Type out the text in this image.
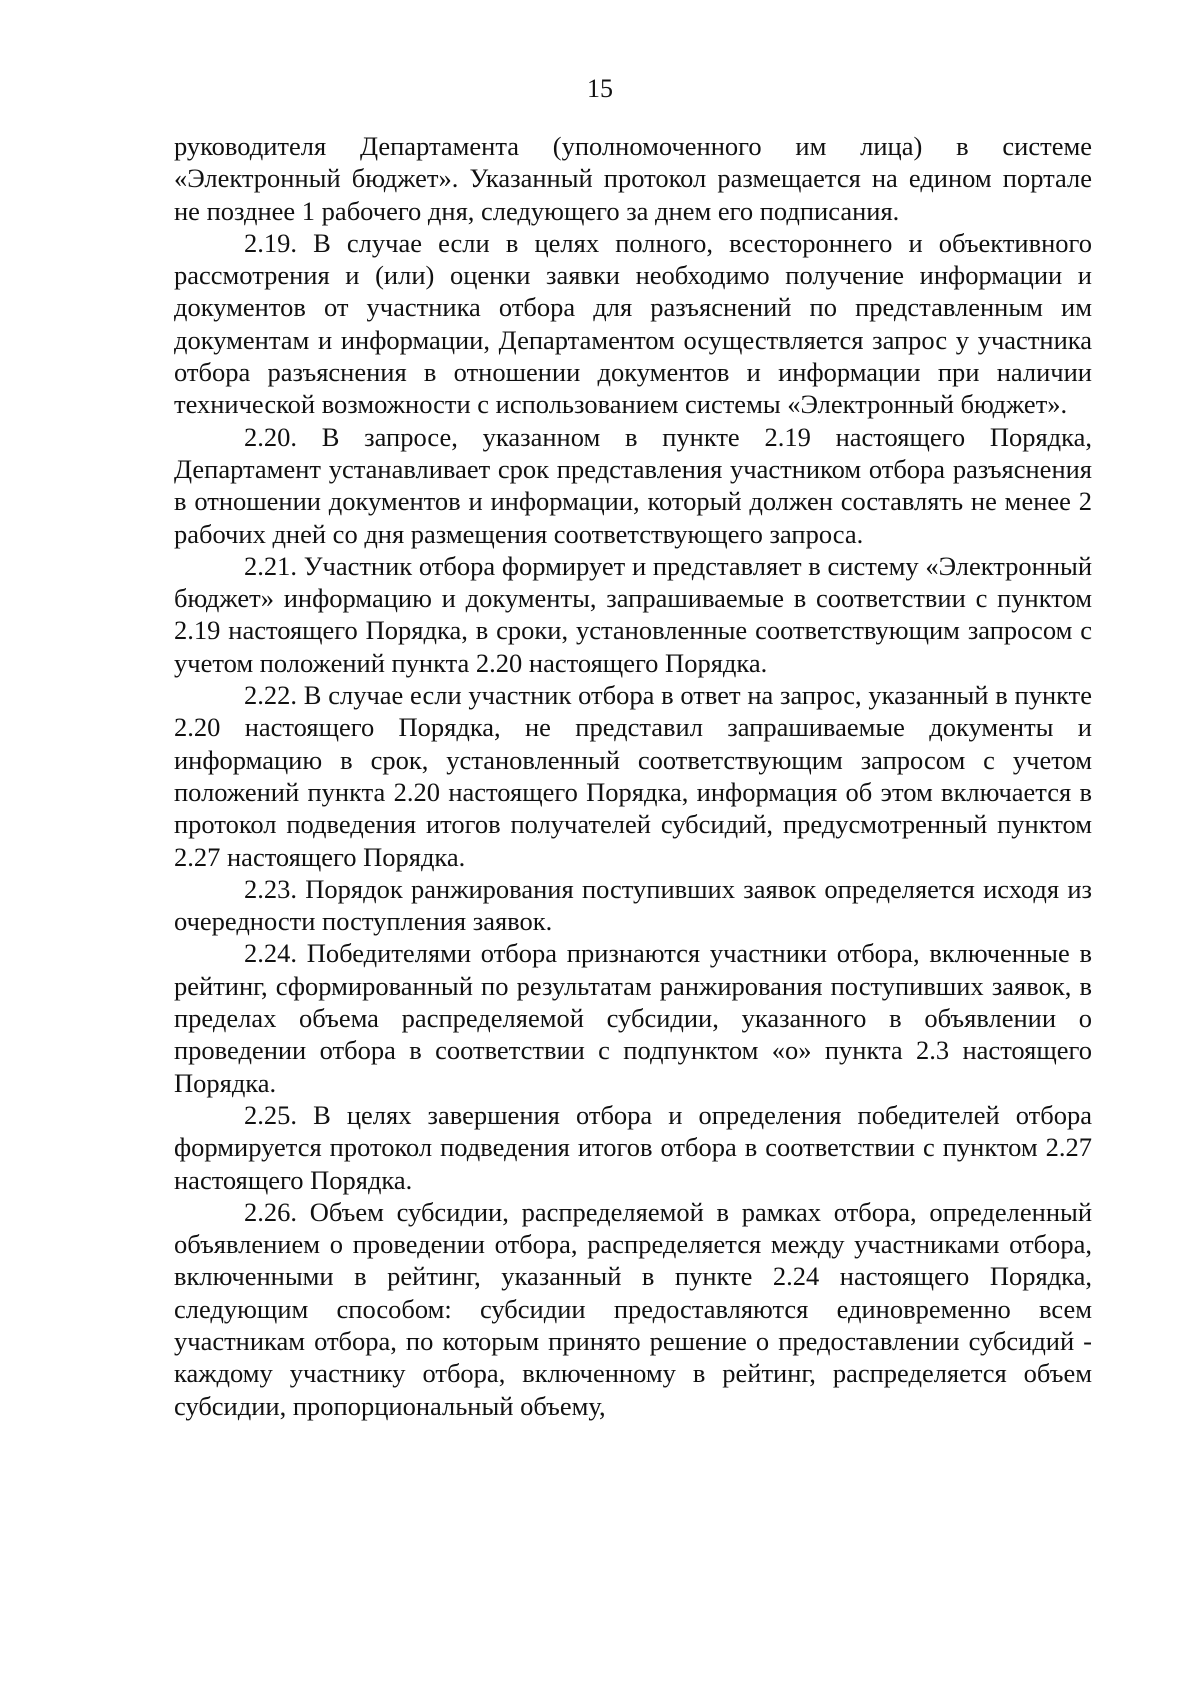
15

руководителя Департамента (уполномоченного им лица) в системе «Электронный бюджет». Указанный протокол размещается на едином портале не позднее 1 рабочего дня, следующего за днем его подписания.

2.19. В случае если в целях полного, всестороннего и объективного рассмотрения и (или) оценки заявки необходимо получение информации и документов от участника отбора для разъяснений по представленным им документам и информации, Департаментом осуществляется запрос у участника отбора разъяснения в отношении документов и информации при наличии технической возможности с использованием системы «Электронный бюджет».

2.20. В запросе, указанном в пункте 2.19 настоящего Порядка, Департамент устанавливает срок представления участником отбора разъяснения в отношении документов и информации, который должен составлять не менее 2 рабочих дней со дня размещения соответствующего запроса.

2.21. Участник отбора формирует и представляет в систему «Электронный бюджет» информацию и документы, запрашиваемые в соответствии с пунктом 2.19 настоящего Порядка, в сроки, установленные соответствующим запросом с учетом положений пункта 2.20 настоящего Порядка.

2.22. В случае если участник отбора в ответ на запрос, указанный в пункте 2.20 настоящего Порядка, не представил запрашиваемые документы и информацию в срок, установленный соответствующим запросом с учетом положений пункта 2.20 настоящего Порядка, информация об этом включается в протокол подведения итогов получателей субсидий, предусмотренный пунктом 2.27 настоящего Порядка.

2.23. Порядок ранжирования поступивших заявок определяется исходя из очередности поступления заявок.

2.24. Победителями отбора признаются участники отбора, включенные в рейтинг, сформированный по результатам ранжирования поступивших заявок, в пределах объема распределяемой субсидии, указанного в объявлении о проведении отбора в соответствии с подпунктом «о» пункта 2.3 настоящего Порядка.

2.25. В целях завершения отбора и определения победителей отбора формируется протокол подведения итогов отбора в соответствии с пунктом 2.27 настоящего Порядка.

2.26. Объем субсидии, распределяемой в рамках отбора, определенный объявлением о проведении отбора, распределяется между участниками отбора, включенными в рейтинг, указанный в пункте 2.24 настоящего Порядка, следующим способом: субсидии предоставляются единовременно всем участникам отбора, по которым принято решение о предоставлении субсидий - каждому участнику отбора, включенному в рейтинг, распределяется объем субсидии, пропорциональный объему,
